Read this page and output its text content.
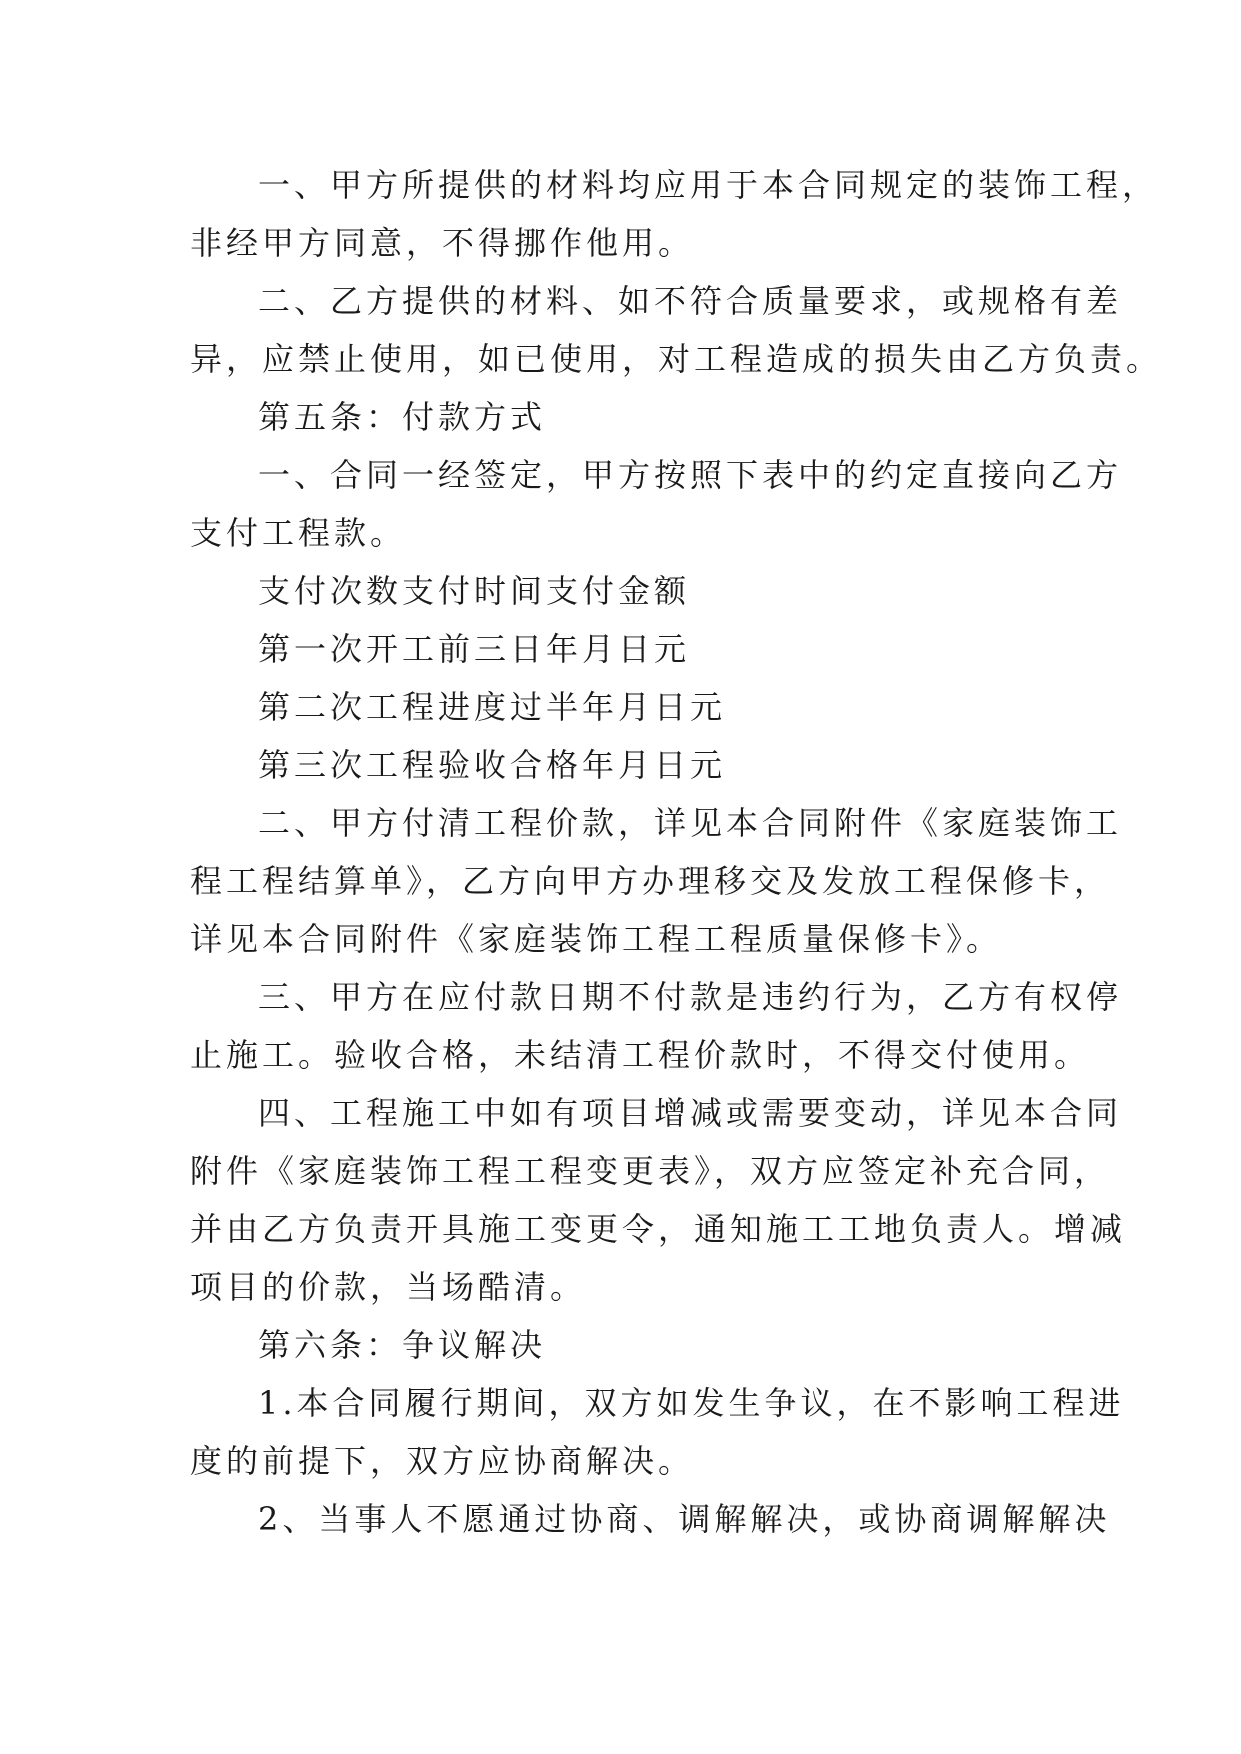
一、甲方所提供的材料均应用于本合同规定的装饰工程，
非经甲方同意，不得挪作他用。
二、乙方提供的材料、如不符合质量要求，或规格有差
异，应禁止使用，如已使用，对工程造成的损失由乙方负责。
第五条：付款方式
一、合同一经签定，甲方按照下表中的约定直接向乙方
支付工程款。
支付次数支付时间支付金额
第一次开工前三日年月日元
第二次工程进度过半年月日元
第三次工程验收合格年月日元
二、甲方付清工程价款，详见本合同附件《家庭装饰工
程工程结算单》，乙方向甲方办理移交及发放工程保修卡，
详见本合同附件《家庭装饰工程工程质量保修卡》。
三、甲方在应付款日期不付款是违约行为，乙方有权停
止施工。验收合格，未结清工程价款时，不得交付使用。
四、工程施工中如有项目增减或需要变动，详见本合同
附件《家庭装饰工程工程变更表》，双方应签定补充合同，
并由乙方负责开具施工变更令，通知施工工地负责人。增减
项目的价款，当场酷清。
第六条：争议解决
1.本合同履行期间，双方如发生争议，在不影响工程进
度的前提下，双方应协商解决。
2、当事人不愿通过协商、调解解决，或协商调解解决
